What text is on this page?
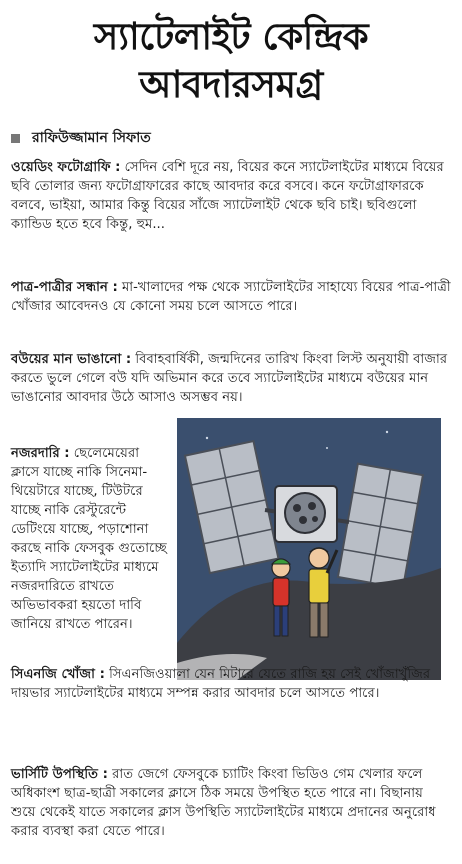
স্যাটেলাইট কেন্দ্রিক
আবদারসমগ্র
রাফিউজ্জামান সিফাত

ওয়েডিং ফটোগ্রাফি : সেদিন বেশি দূরে নয়, বিয়ের কনে স্যাটেলাইটের মাধ্যমে বিয়ের ছবি তোলার জন্য ফটোগ্রাফারের কাছে আবদার করে বসবে। কনে ফটোগ্রাফারকে বলবে, ভাইয়া, আমার কিন্তু বিয়ের সাঁজে স্যাটেলাইট থেকে ছবি চাই। ছবিগুলো ক্যান্ডিড হতে হবে কিন্তু, হুম...

পাত্র-পাত্রীর সন্ধান : মা-খালাদের পক্ষ থেকে স্যাটেলাইটের সাহায্যে বিয়ের পাত্র-পাত্রী খোঁজার আবেদনও যে কোনো সময় চলে আসতে পারে।

বউয়ের মান ভাঙানো : বিবাহবার্ষিকী, জন্মদিনের তারিখ কিংবা লিস্ট অনুযায়ী বাজার করতে ভুলে গেলে বউ যদি অভিমান করে তবে স্যাটেলাইটের মাধ্যমে বউয়ের মান ভাঙানোর আবদার উঠে আসাও অসম্ভব নয়।

নজরদারি : ছেলেমেয়েরা ক্লাসে যাচ্ছে নাকি সিনেমা-থিয়েটারে যাচ্ছে, টিউটরে যাচ্ছে নাকি রেস্টুরেন্টে ডেটিংয়ে যাচ্ছে, পড়াশোনা করছে নাকি ফেসবুক গুতোচ্ছে ইত্যাদি স্যাটেলাইটের মাধ্যমে নজরদারিতে রাখতে অভিভাবকরা হয়তো দাবি জানিয়ে রাখতে পারেন।

সিএনজি খোঁজা : সিএনজিওয়ালা যেন মিটারে যেতে রাজি হয় সেই খোঁজাখুঁজির দায়ভার স্যাটেলাইটের মাধ্যমে সম্পন্ন করার আবদার চলে আসতে পারে।

ভার্সিটি উপস্থিতি : রাত জেগে ফেসবুকে চ্যাটিং কিংবা ভিডিও গেম খেলার ফলে অধিকাংশ ছাত্র-ছাত্রী সকালের ক্লাসে ঠিক সময়ে উপস্থিত হতে পারে না। বিছানায় শুয়ে থেকেই যাতে সকালের ক্লাস উপস্থিতি স্যাটেলাইটের মাধ্যমে প্রদানের অনুরোধ করার ব্যবস্থা করা যেতে পারে।
